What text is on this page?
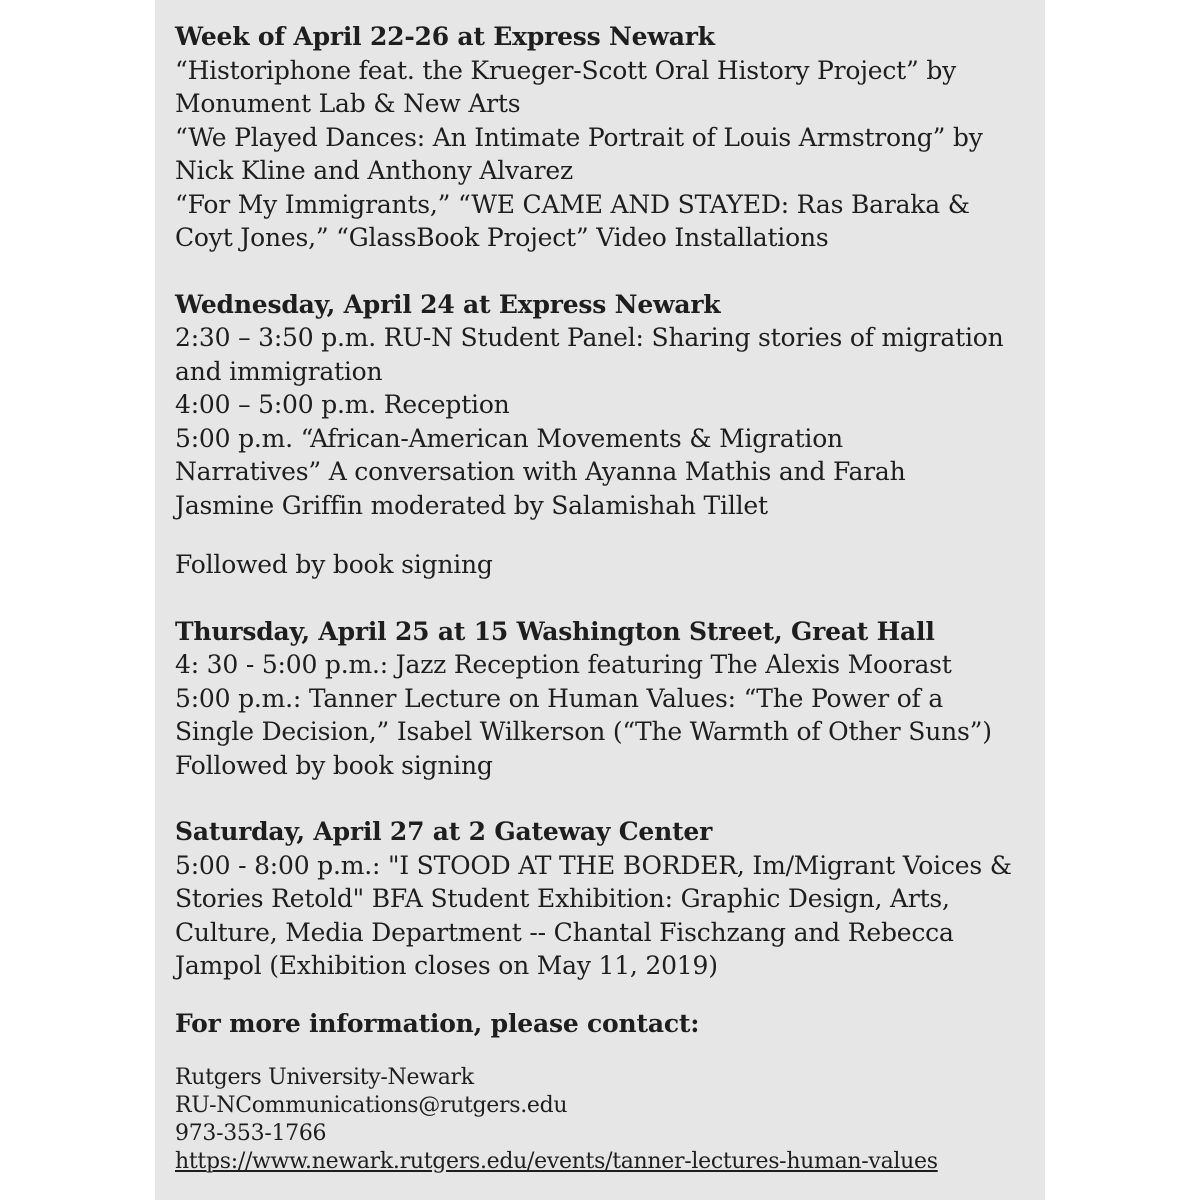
Week of April 22-26 at Express Newark

“Historiphone feat. the Krueger-Scott Oral History Project” by

Monument Lab & New Arts

“We Played Dances: An Intimate Portrait of Louis Armstrong” by

Nick Kline and Anthony Alvarez

“For My Immigrants,” “WE CAME AND STAYED: Ras Baraka &

Coyt Jones,” “GlassBook Project” Video Installations

Wednesday, April 24 at Express Newark

2:30 – 3:50 p.m. RU-N Student Panel: Sharing stories of migration

and immigration

4:00 – 5:00 p.m. Reception

5:00 p.m. “African-American Movements & Migration

Narratives” A conversation with Ayanna Mathis and Farah

Jasmine Griffin moderated by Salamishah Tillet

Followed by book signing

Thursday, April 25 at 15 Washington Street, Great Hall

4: 30 - 5:00 p.m.: Jazz Reception featuring The Alexis Moorast

5:00 p.m.: Tanner Lecture on Human Values: “The Power of a

Single Decision,” Isabel Wilkerson (“The Warmth of Other Suns”)

Followed by book signing

Saturday, April 27 at 2 Gateway Center

5:00 - 8:00 p.m.: "I STOOD AT THE BORDER, Im/Migrant Voices &

Stories Retold" BFA Student Exhibition: Graphic Design, Arts,

Culture, Media Department -- Chantal Fischzang and Rebecca

Jampol (Exhibition closes on May 11, 2019)

For more information, please contact:

Rutgers University-Newark

RU-NCommunications@rutgers.edu

973-353-1766

https://www.newark.rutgers.edu/events/tanner-lectures-human-values
